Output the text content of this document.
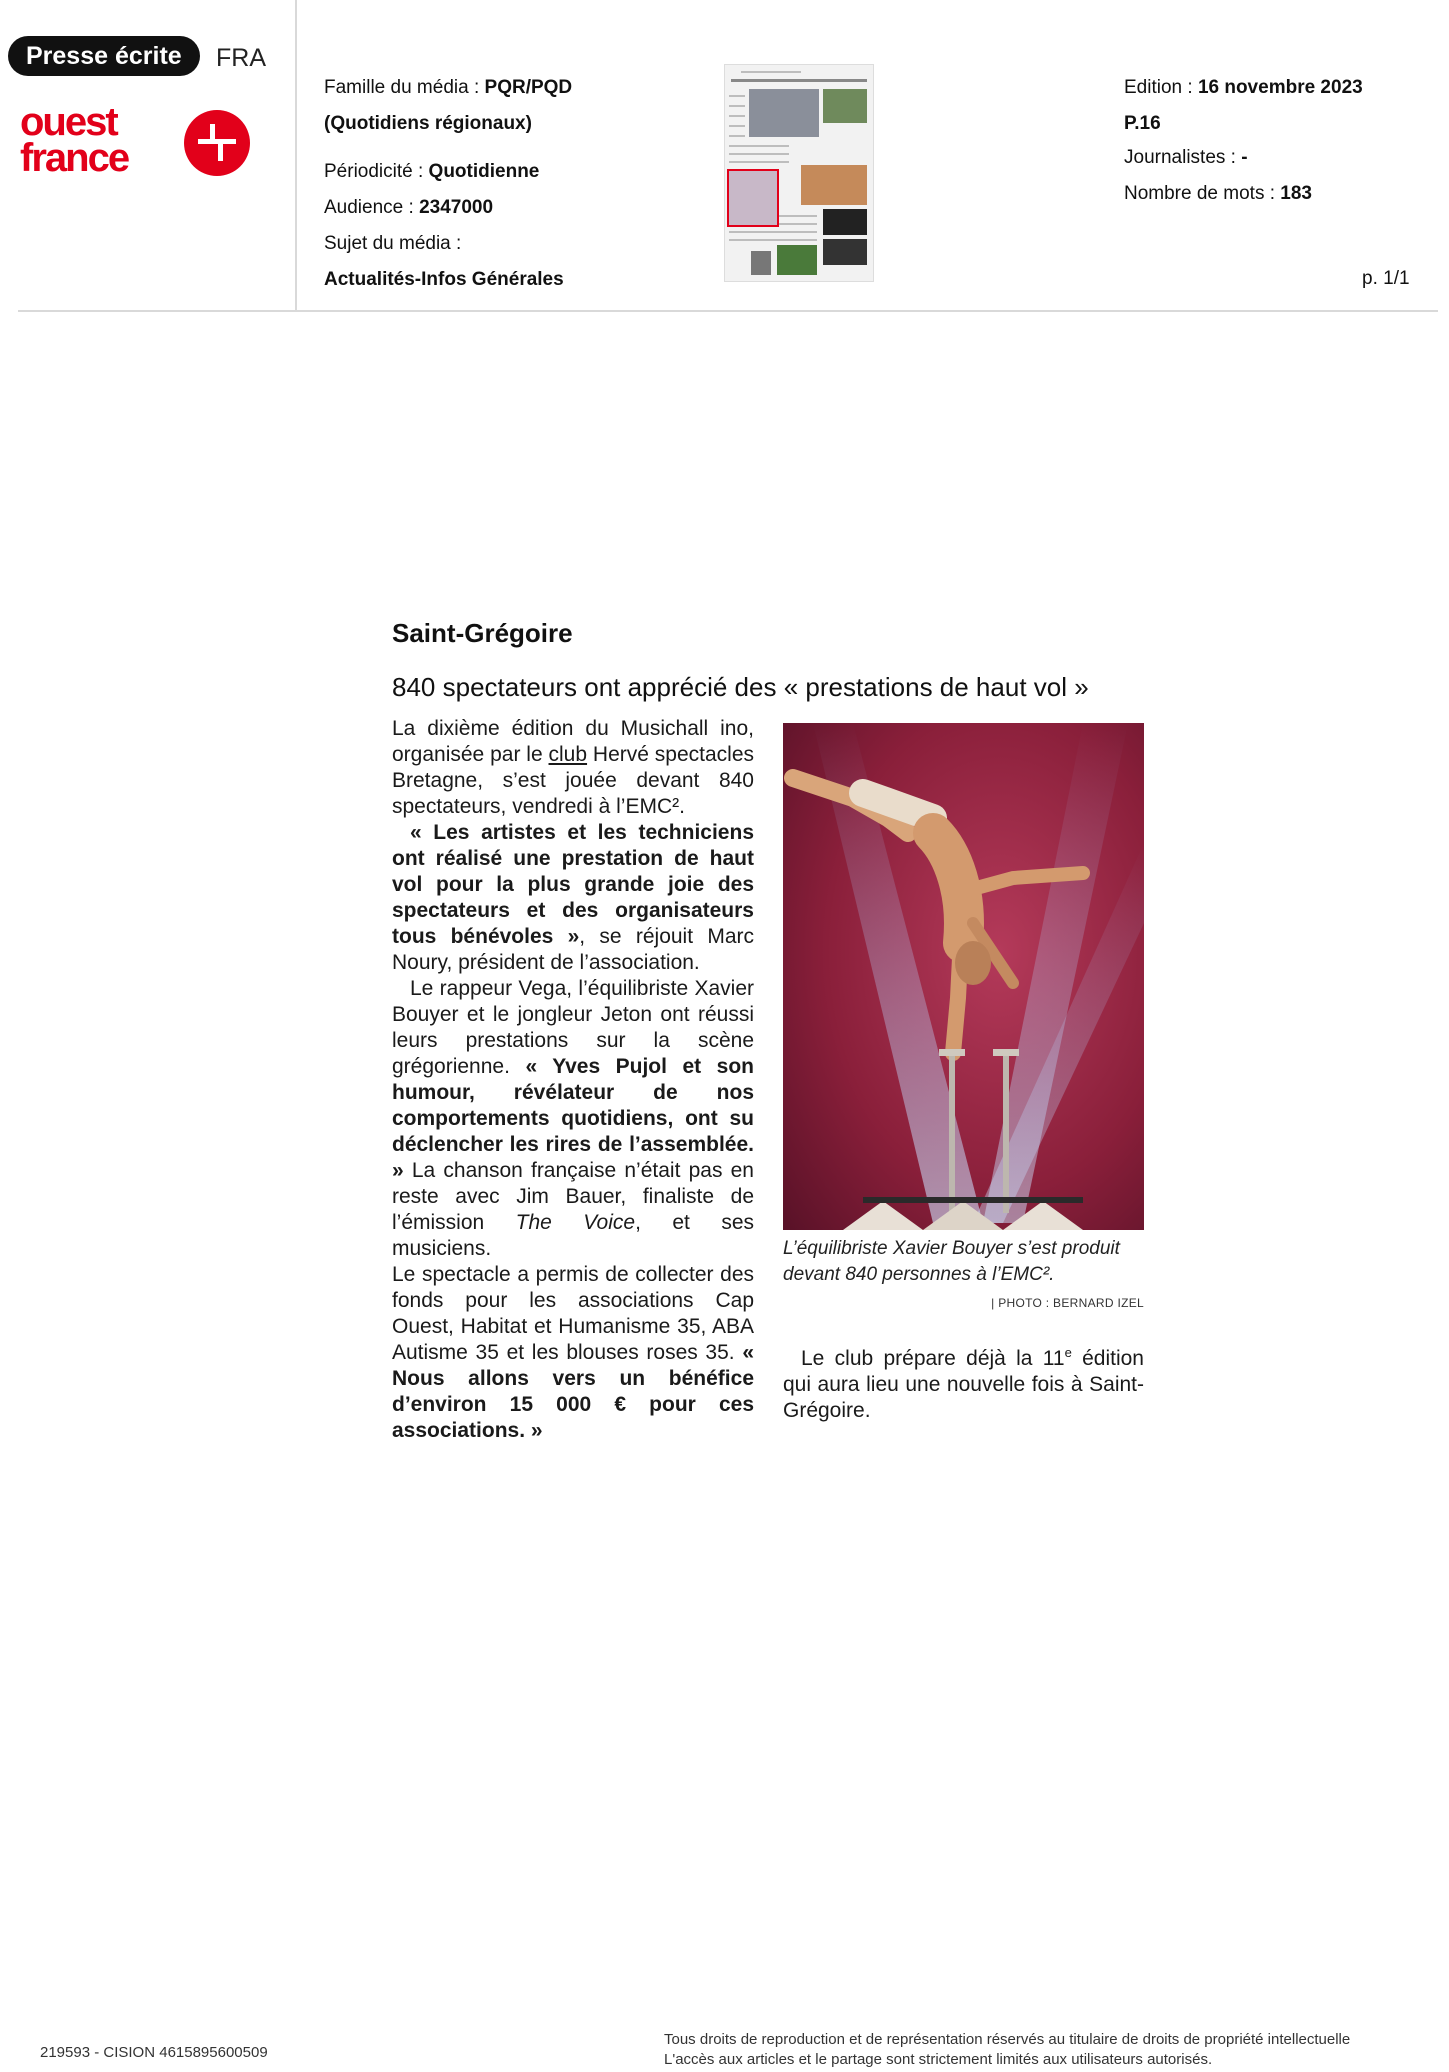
Presse écrite	FRA
ouest
france
Famille du média : PQR/PQD
(Quotidiens régionaux)
Périodicité : Quotidienne
Audience : 2347000
Sujet du média :
Actualités-Infos Générales
Edition : 16 novembre 2023
P.16
Journalistes : -
Nombre de mots : 183
p. 1/1
Saint-Grégoire
840 spectateurs ont apprécié des « prestations de haut vol »

La dixième édition du Musichall ino, organisée par le club Hervé spectacles Bretagne, s’est jouée devant 840 spectateurs, vendredi à l’EMC².

« Les artistes et les techniciens ont réalisé une prestation de haut vol pour la plus grande joie des spectateurs et des organisateurs tous bénévoles », se réjouit Marc Noury, président de l’association.

Le rappeur Vega, l’équilibriste Xavier Bouyer et le jongleur Jeton ont réussi leurs prestations sur la scène grégorienne. « Yves Pujol et son humour, révélateur de nos comportements quotidiens, ont su déclencher les rires de l’assemblée. » La chanson française n’était pas en reste avec Jim Bauer, finaliste de l’émission The Voice, et ses musiciens.

Le spectacle a permis de collecter des fonds pour les associations Cap Ouest, Habitat et Humanisme 35, ABA Autisme 35 et les blouses roses 35. « Nous allons vers un bénéfice d’environ 15 000 € pour ces associations. »

L’équilibriste Xavier Bouyer s’est produit devant 840 personnes à l’EMC².
| PHOTO : BERNARD IZEL

Le club prépare déjà la 11e édition qui aura lieu une nouvelle fois à Saint-Grégoire.

219593 - CISION 4615895600509
Tous droits de reproduction et de représentation réservés au titulaire de droits de propriété intellectuelle
L'accès aux articles et le partage sont strictement limités aux utilisateurs autorisés.
